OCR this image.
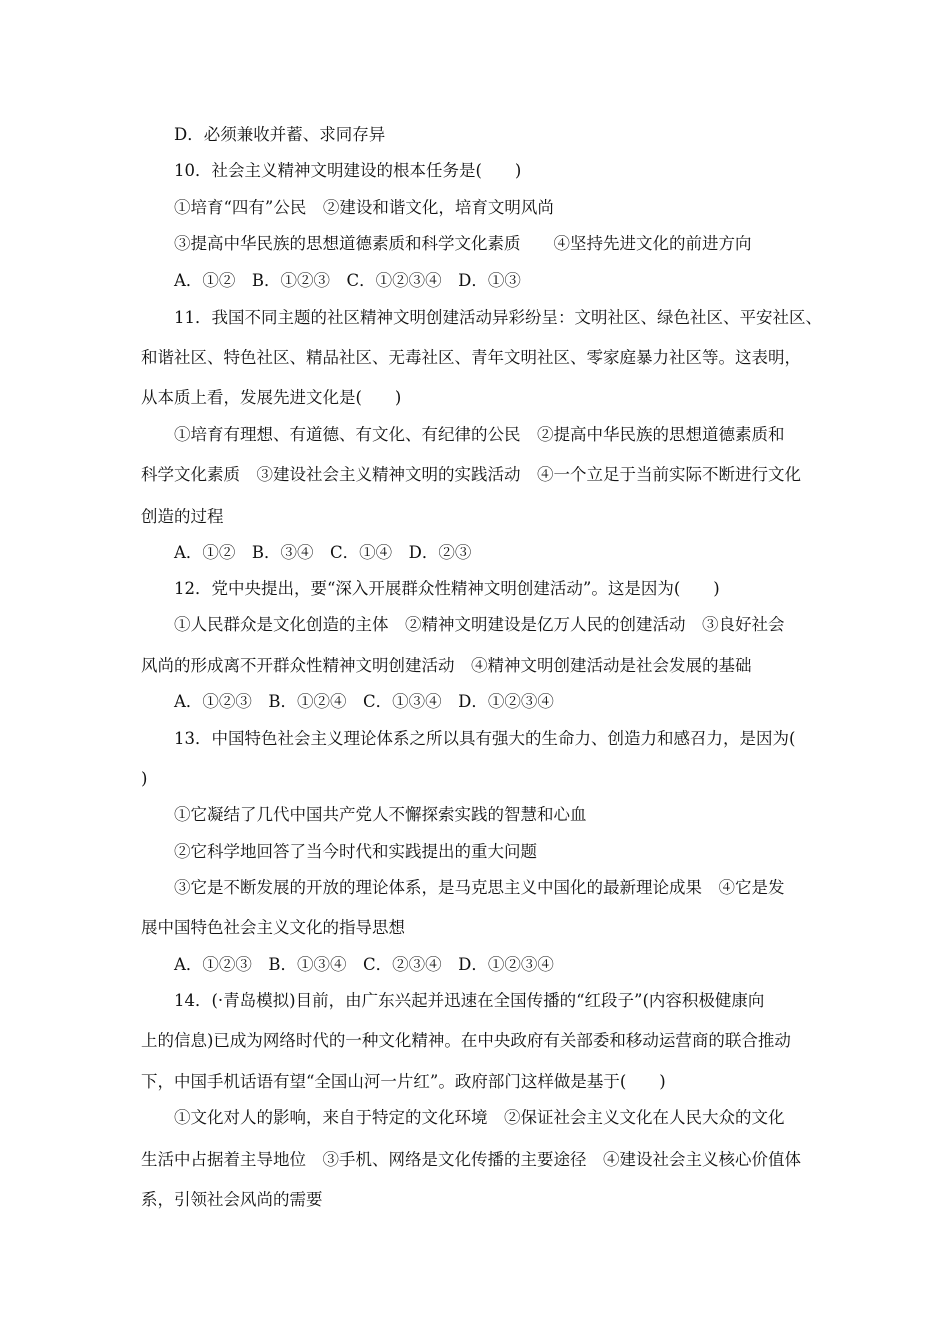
D．必须兼收并蓄、求同存异
10．社会主义精神文明建设的根本任务是(　　)
①培育“四有”公民　②建设和谐文化，培育文明风尚
③提高中华民族的思想道德素质和科学文化素质　　④坚持先进文化的前进方向
A．①②　B．①②③　C．①②③④　D．①③
11．我国不同主题的社区精神文明创建活动异彩纷呈：文明社区、绿色社区、平安社区、
和谐社区、特色社区、精品社区、无毒社区、青年文明社区、零家庭暴力社区等。这表明，
从本质上看，发展先进文化是(　　)
①培育有理想、有道德、有文化、有纪律的公民　②提高中华民族的思想道德素质和
科学文化素质　③建设社会主义精神文明的实践活动　④一个立足于当前实际不断进行文化
创造的过程
A．①②　B．③④　C．①④　D．②③
12．党中央提出，要“深入开展群众性精神文明创建活动”。这是因为(　　)
①人民群众是文化创造的主体　②精神文明建设是亿万人民的创建活动　③良好社会
风尚的形成离不开群众性精神文明创建活动　④精神文明创建活动是社会发展的基础
A．①②③　B．①②④　C．①③④　D．①②③④
13．中国特色社会主义理论体系之所以具有强大的生命力、创造力和感召力，是因为(
)
①它凝结了几代中国共产党人不懈探索实践的智慧和心血
②它科学地回答了当今时代和实践提出的重大问题
③它是不断发展的开放的理论体系，是马克思主义中国化的最新理论成果　④它是发
展中国特色社会主义文化的指导思想
A．①②③　B．①③④　C．②③④　D．①②③④
14．(·青岛模拟)目前，由广东兴起并迅速在全国传播的“红段子”(内容积极健康向
上的信息)已成为网络时代的一种文化精神。在中央政府有关部委和移动运营商的联合推动
下，中国手机话语有望“全国山河一片红”。政府部门这样做是基于(　　)
①文化对人的影响，来自于特定的文化环境　②保证社会主义文化在人民大众的文化
生活中占据着主导地位　③手机、网络是文化传播的主要途径　④建设社会主义核心价值体
系，引领社会风尚的需要
